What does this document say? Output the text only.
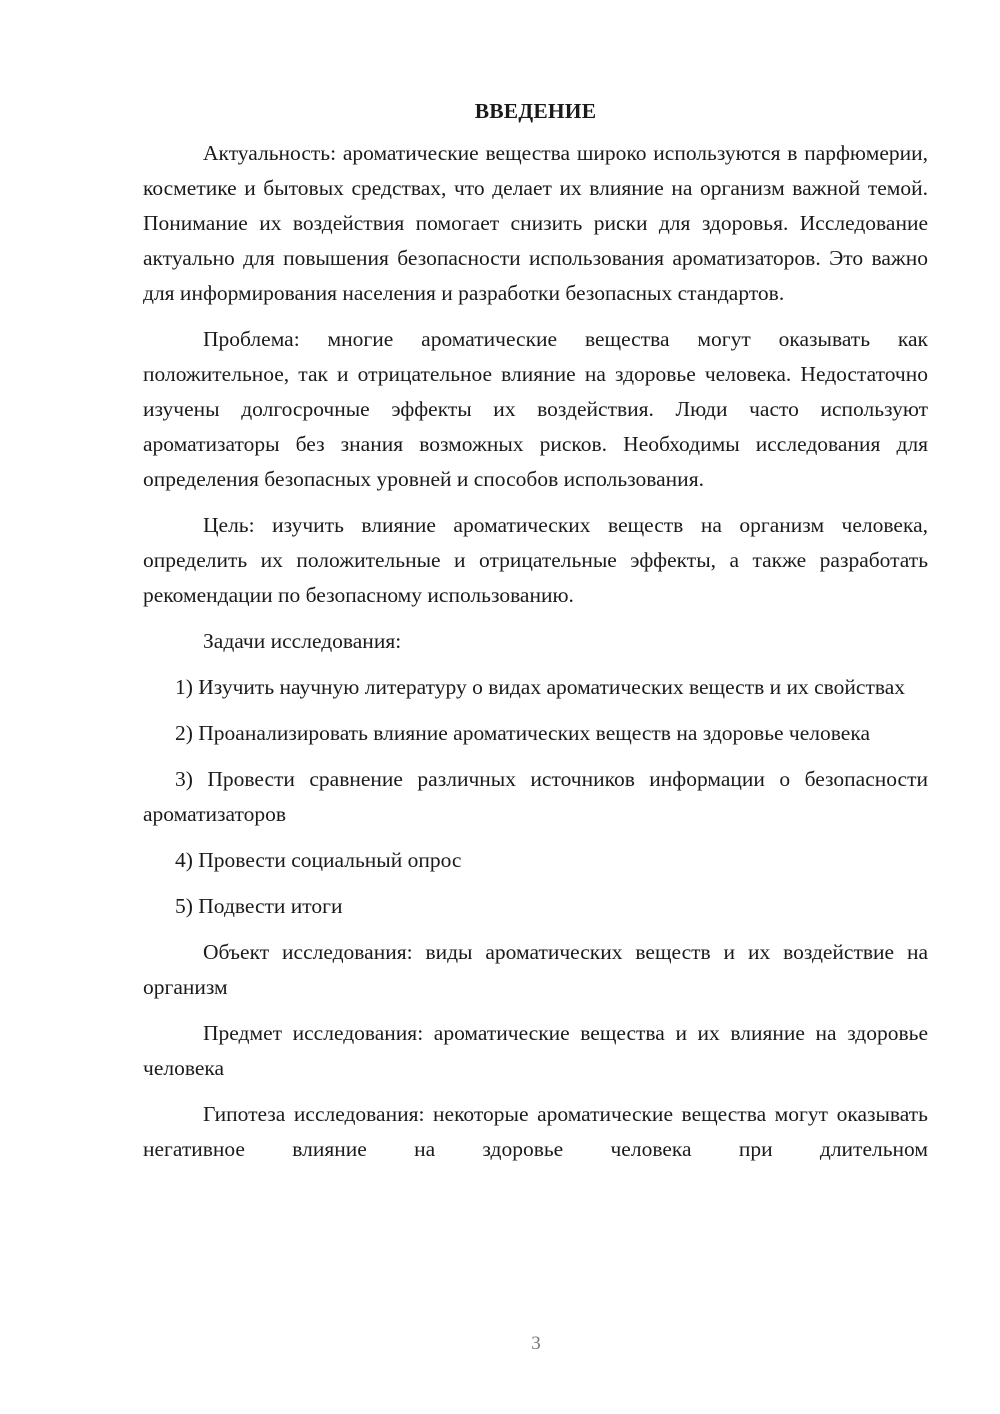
ВВЕДЕНИЕ

Актуальность: ароматические вещества широко используются в парфюмерии, косметике и бытовых средствах, что делает их влияние на организм важной темой. Понимание их воздействия помогает снизить риски для здоровья. Исследование актуально для повышения безопасности использования ароматизаторов. Это важно для информирования населения и разработки безопасных стандартов.

Проблема: многие ароматические вещества могут оказывать как положительное, так и отрицательное влияние на здоровье человека. Недостаточно изучены долгосрочные эффекты их воздействия. Люди часто используют ароматизаторы без знания возможных рисков. Необходимы исследования для определения безопасных уровней и способов использования.

Цель: изучить влияние ароматических веществ на организм человека, определить их положительные и отрицательные эффекты, а также разработать рекомендации по безопасному использованию.

Задачи исследования:

1) Изучить научную литературу о видах ароматических веществ и их свойствах

2) Проанализировать влияние ароматических веществ на здоровье человека

3) Провести сравнение различных источников информации о безопасности ароматизаторов

4) Провести социальный опрос

5) Подвести итоги

Объект исследования: виды ароматических веществ и их воздействие на организм

Предмет исследования: ароматические вещества и их влияние на здоровье человека

Гипотеза исследования: некоторые ароматические вещества могут оказывать негативное влияние на здоровье человека при длительном

3
